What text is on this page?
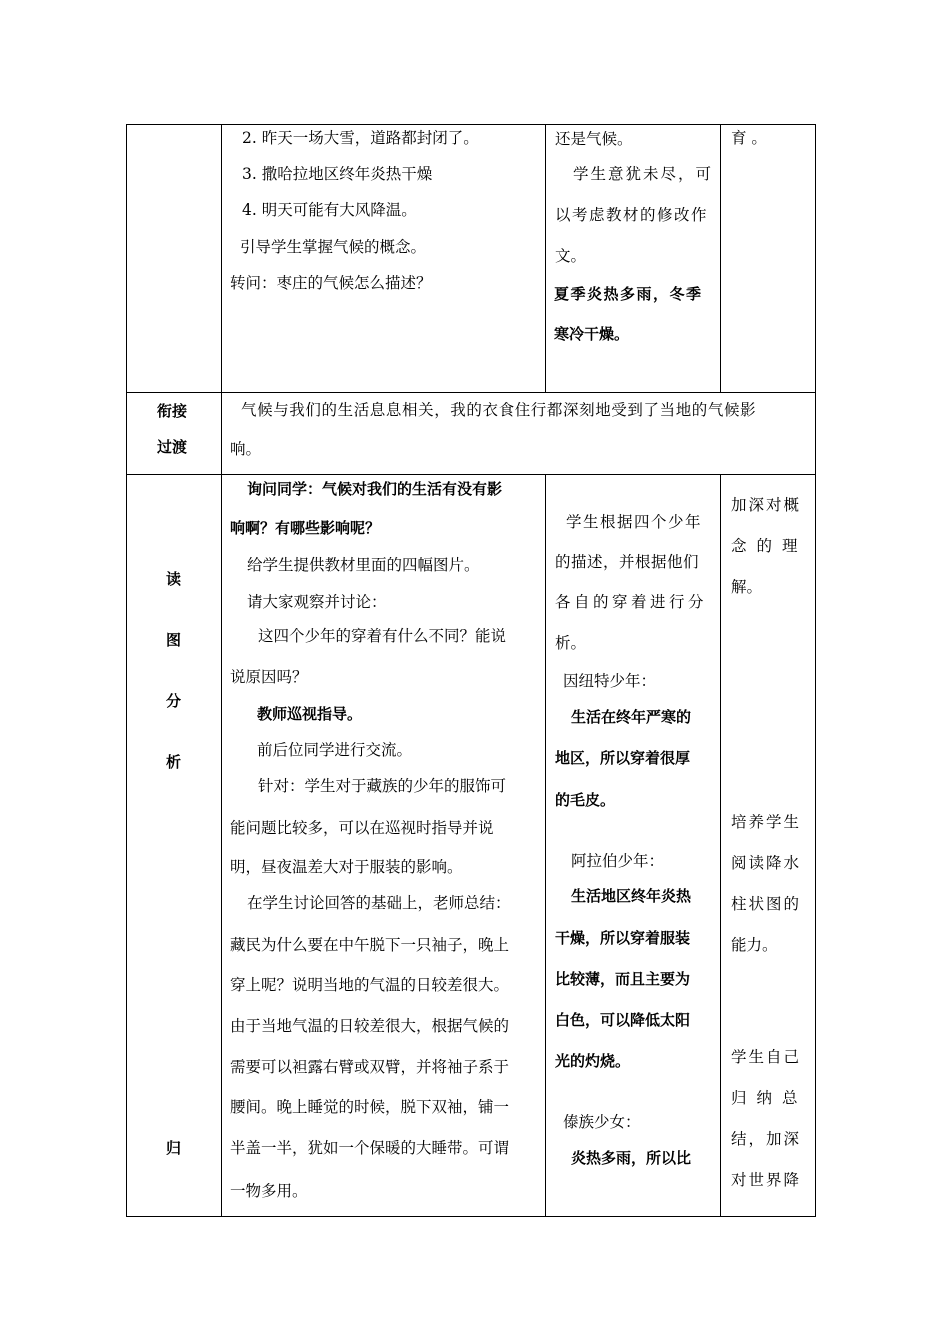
2. 昨天一场大雪，道路都封闭了。
3. 撒哈拉地区终年炎热干燥
4. 明天可能有大风降温。
引导学生掌握气候的概念。
转问：枣庄的气候怎么描述？
还是气候。
学生意犹未尽，可
以考虑教材的修改作
文。
夏季炎热多雨，冬季
寒冷干燥。
育 。
衔接
过渡
气候与我们的生活息息相关，我的衣食住行都深刻地受到了当地的气候影
响。
读
图
分
析
归
询问同学：气候对我们的生活有没有影
响啊？有哪些影响呢？
给学生提供教材里面的四幅图片。
请大家观察并讨论：
这四个少年的穿着有什么不同？能说
说原因吗？
教师巡视指导。
前后位同学进行交流。
针对：学生对于藏族的少年的服饰可
能问题比较多，可以在巡视时指导并说
明，昼夜温差大对于服装的影响。
在学生讨论回答的基础上，老师总结：
藏民为什么要在中午脱下一只袖子，晚上
穿上呢？说明当地的气温的日较差很大。
由于当地气温的日较差很大，根据气候的
需要可以袒露右臂或双臂，并将袖子系于
腰间。晚上睡觉的时候，脱下双袖，铺一
半盖一半，犹如一个保暖的大睡带。可谓
一物多用。
学生根据四个少年
的描述，并根据他们
各自的穿着进行分
析。
因纽特少年：
生活在终年严寒的
地区，所以穿着很厚
的毛皮。
阿拉伯少年：
生活地区终年炎热
干燥，所以穿着服装
比较薄，而且主要为
白色，可以降低太阳
光的灼烧。
傣族少女：
炎热多雨，所以比
加深对概
念的理
解。
培养学生
阅读降水
柱状图的
能力。
学生自己
归纳总
结，加深
对世界降
